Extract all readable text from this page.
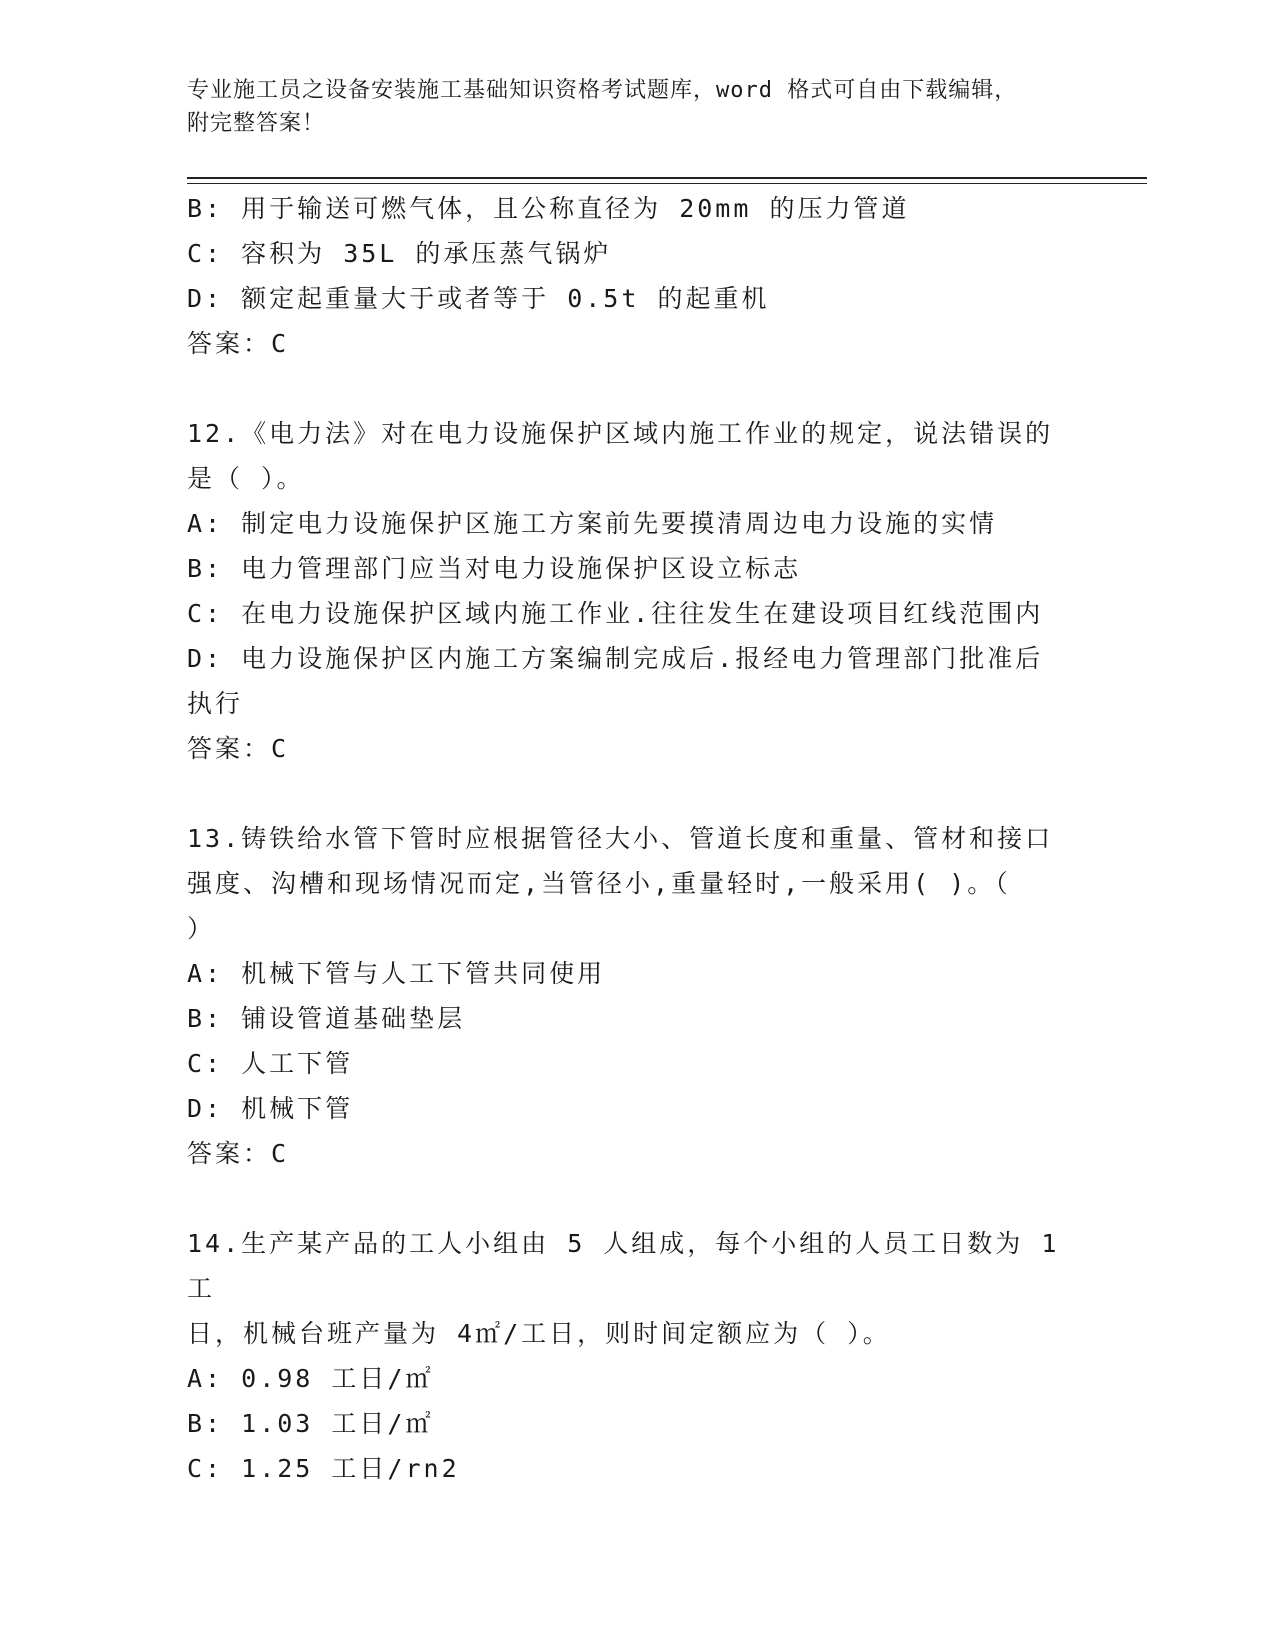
专业施工员之设备安装施工基础知识资格考试题库，word 格式可自由下载编辑，
附完整答案！

B: 用于输送可燃气体，且公称直径为 20mm 的压力管道

C: 容积为 35L 的承压蒸气锅炉

D: 额定起重量大于或者等于 0.5t 的起重机

答案：C

12.《电力法》对在电力设施保护区域内施工作业的规定，说法错误的

是（ ）。

A: 制定电力设施保护区施工方案前先要摸清周边电力设施的实情

B: 电力管理部门应当对电力设施保护区设立标志

C: 在电力设施保护区域内施工作业.往往发生在建设项目红线范围内

D: 电力设施保护区内施工方案编制完成后.报经电力管理部门批准后

执行

答案：C

13.铸铁给水管下管时应根据管径大小、管道长度和重量、管材和接口

强度、沟槽和现场情况而定,当管径小,重量轻时,一般采用( )。（

）

A: 机械下管与人工下管共同使用

B: 铺设管道基础垫层

C: 人工下管

D: 机械下管

答案：C

14.生产某产品的工人小组由 5 人组成，每个小组的人员工日数为 1 工

日，机械台班产量为 4㎡/工日，则时间定额应为（ ）。

A: 0.98 工日/㎡

B: 1.03 工日/㎡

C: 1.25 工日/rn2
